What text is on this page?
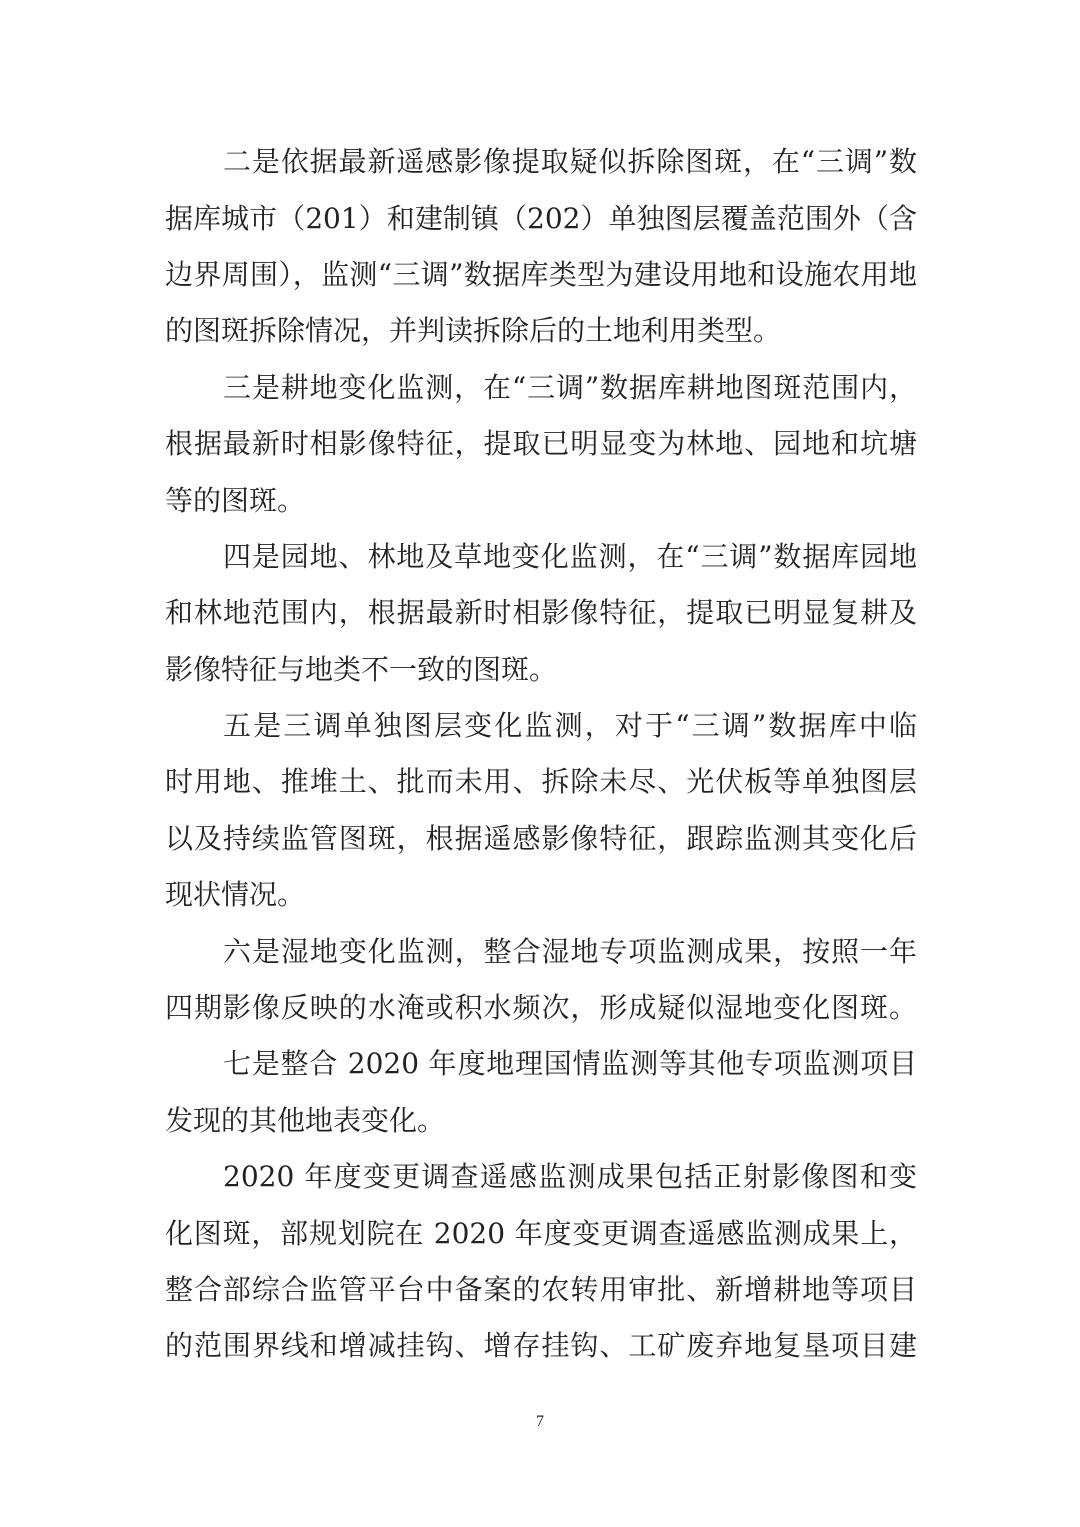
二是依据最新遥感影像提取疑似拆除图斑，在“三调”数
据库城市（201）和建制镇（202）单独图层覆盖范围外（含
边界周围），监测“三调”数据库类型为建设用地和设施农用地
的图斑拆除情况，并判读拆除后的土地利用类型。
三是耕地变化监测，在“三调”数据库耕地图斑范围内，
根据最新时相影像特征，提取已明显变为林地、园地和坑塘
等的图斑。
四是园地、林地及草地变化监测，在“三调”数据库园地
和林地范围内，根据最新时相影像特征，提取已明显复耕及
影像特征与地类不一致的图斑。
五是三调单独图层变化监测，对于“三调”数据库中临
时用地、推堆土、批而未用、拆除未尽、光伏板等单独图层
以及持续监管图斑，根据遥感影像特征，跟踪监测其变化后
现状情况。
六是湿地变化监测，整合湿地专项监测成果，按照一年
四期影像反映的水淹或积水频次，形成疑似湿地变化图斑。
七是整合 2020 年度地理国情监测等其他专项监测项目
发现的其他地表变化。
2020 年度变更调查遥感监测成果包括正射影像图和变
化图斑，部规划院在 2020 年度变更调查遥感监测成果上，
整合部综合监管平台中备案的农转用审批、新增耕地等项目
的范围界线和增减挂钩、增存挂钩、工矿废弃地复垦项目建
7
